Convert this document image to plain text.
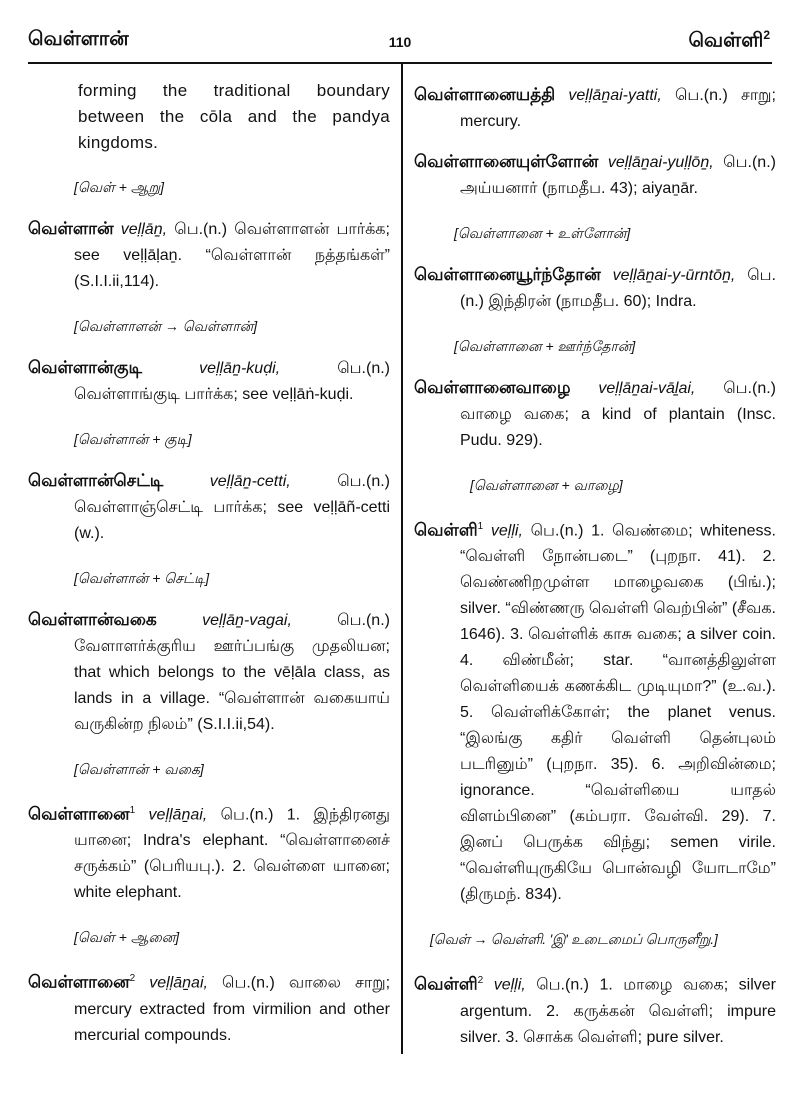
வெள்ளான்	110	வெள்ளி$^2$
forming the traditional boundary between the cōla and the pandya kingdoms.
[வெள் + ஆறு]
வெள்ளான் veḷḷāṉ, பெ.(n.) வெள்ளாளன் பார்க்க; see veḷḷāḷaṉ. “வெள்ளான் நத்தங்கள்” (S.I.I.ii,114).
[வெள்ளாளன் → வெள்ளான்]
வெள்ளான்குடி	veḷḷāṉ-kuḍi,	பெ.(n.) வெள்ளாங்குடி பார்க்க; see veḷḷāṅ-kuḍi.
[வெள்ளான் + குடி]
வெள்ளான்செட்டி	veḷḷāṉ-cetti,	பெ.(n.) வெள்ளாஞ்செட்டி பார்க்க; see veḷḷāñ-cetti (w.).
[வெள்ளான் + செட்டி]
வெள்ளான்வகை	veḷḷāṉ-vagai,	பெ.(n.) வேளாளர்க்குரிய ஊர்ப்பங்கு முதலியன; that which belongs to the vēḷāla class, as lands in a village. “வெள்ளான் வகையாய் வருகின்ற நிலம்” (S.I.I.ii,54).
[வெள்ளான் + வகை]
வெள்ளானை$^1$ veḷḷāṉai, பெ.(n.) 1. இந்திரனது யானை; Indra's elephant. “வெள்ளானைச் சருக்கம்” (பெரியபு.). 2. வெள்ளை யானை; white elephant.
[வெள் + ஆனை]
வெள்ளானை$^2$ veḷḷāṉai, பெ.(n.) வாலை சாறு; mercury extracted from virmilion and other mercurial compounds.
வெள்ளானையத்தி veḷḷāṉai-yatti, பெ.(n.) சாறு; mercury.
வெள்ளானையுள்ளோன் veḷḷāṉai-yuḷḷōṉ, பெ.(n.) அய்யனார் (நாமதீப. 43); aiyaṉār.
[வெள்ளானை + உள்ளோன்]
வெள்ளானையூர்ந்தோன் veḷḷāṉai-y-ūrntōṉ, பெ.(n.) இந்திரன் (நாமதீப. 60); Indra.
[வெள்ளானை + ஊர்ந்தோன்]
வெள்ளானைவாழை veḷḷāṉai-vāḻai, பெ.(n.) வாழை வகை; a kind of plantain (Insc. Pudu. 929).
[வெள்ளானை + வாழை]
வெள்ளி$^1$ veḷḷi, பெ.(n.) 1. வெண்மை; whiteness. “வெள்ளி நோன்படை” (புறநா. 41). 2. வெண்ணிறமுள்ள மாழைவகை (பிங்.); silver. “விண்ணரு வெள்ளி வெற்பின்” (சீவக. 1646). 3. வெள்ளிக் காசு வகை; a silver coin. 4. விண்மீன்; star. “வானத்திலுள்ள வெள்ளியைக் கணக்கிட முடியுமா?” (உ.வ.). 5. வெள்ளிக்கோள்; the planet venus. “இலங்கு கதிர் வெள்ளி தென்புலம் படரினும்” (புறநா. 35). 6. அறிவின்மை; ignorance. “வெள்ளியை யாதல் விளம்பினை” (கம்பரா. வேள்வி. 29). 7. இனப் பெருக்க விந்து; semen virile. “வெள்ளியுருகியே பொன்வழி யோடாமே” (திருமந். 834).
[வெள் → வெள்ளி. 'இ' உடைமைப் பொருளீறு.]
வெள்ளி$^2$ veḷḷi, பெ.(n.) 1. மாழை வகை; silver argentum. 2. கருக்கன் வெள்ளி; impure silver. 3. சொக்க வெள்ளி; pure silver.
